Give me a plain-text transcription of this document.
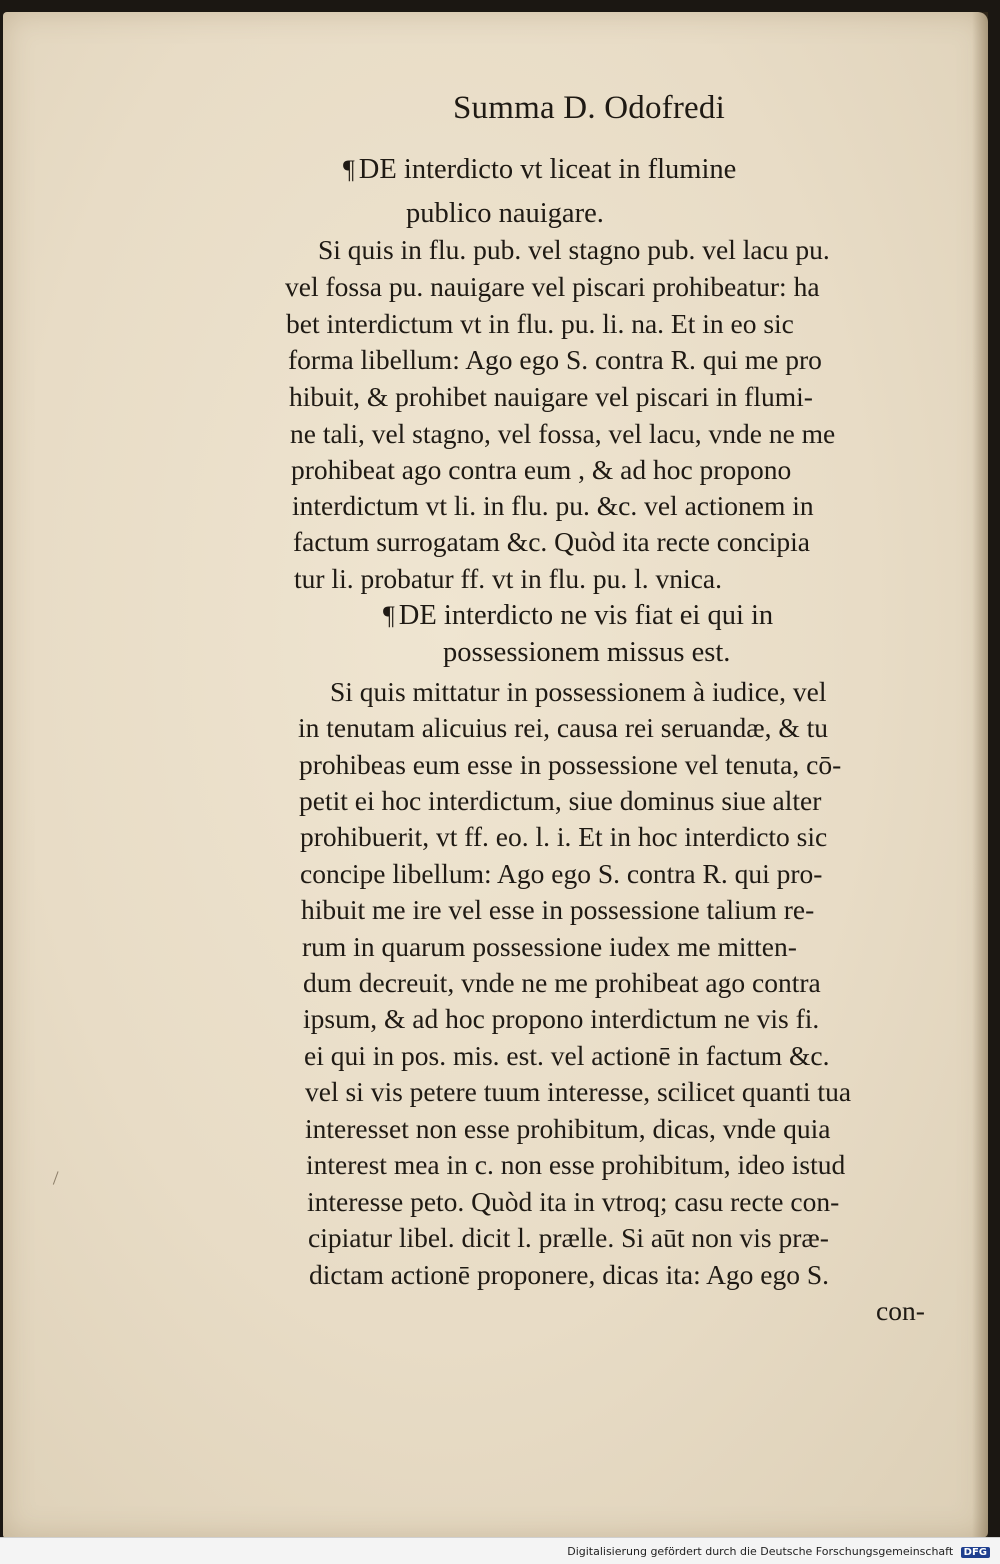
Summa D. Odofredi
¶ DE interdicto vt liceat in flumine
publico nauigare.
Si quis in flu. pub. vel stagno pub. vel lacu pu.
vel fossa pu. nauigare vel piscari prohibeatur: ha
bet interdictum vt in flu. pu. li. na. Et in eo sic
forma libellum: Ago ego S. contra R. qui me pro
hibuit, & prohibet nauigare vel piscari in flumi-
ne tali, vel stagno, vel fossa, vel lacu, vnde ne me
prohibeat ago contra eum , & ad hoc propono
interdictum vt li. in flu. pu. &c. vel actionem in
factum surrogatam &c. Quòd ita recte concipia
tur li. probatur ff. vt in flu. pu. l. vnica.
¶ DE interdicto ne vis fiat ei qui in
possessionem missus est.
Si quis mittatur in possessionem à iudice, vel
in tenutam alicuius rei, causa rei seruandæ, & tu
prohibeas eum esse in possessione vel tenuta, cō-
petit ei hoc interdictum, siue dominus siue alter
prohibuerit, vt ff. eo. l. i. Et in hoc interdicto sic
concipe libellum: Ago ego S. contra R. qui pro-
hibuit me ire vel esse in possessione talium re-
rum in quarum possessione iudex me mitten-
dum decreuit, vnde ne me prohibeat ago contra
ipsum, & ad hoc propono interdictum ne vis fi.
ei qui in pos. mis. est. vel actionē in factum &c.
vel si vis petere tuum interesse, scilicet quanti tua
interesset non esse prohibitum, dicas, vnde quia
interest mea in c. non esse prohibitum, ideo istud
interesse peto. Quòd ita in vtroq; casu recte con-
cipiatur libel. dicit l. prælle. Si aūt non vis præ-
dictam actionē proponere, dicas ita: Ago ego S.
con-
Digitalisierung gefördert durch die Deutsche Forschungsgemeinschaft DFG
